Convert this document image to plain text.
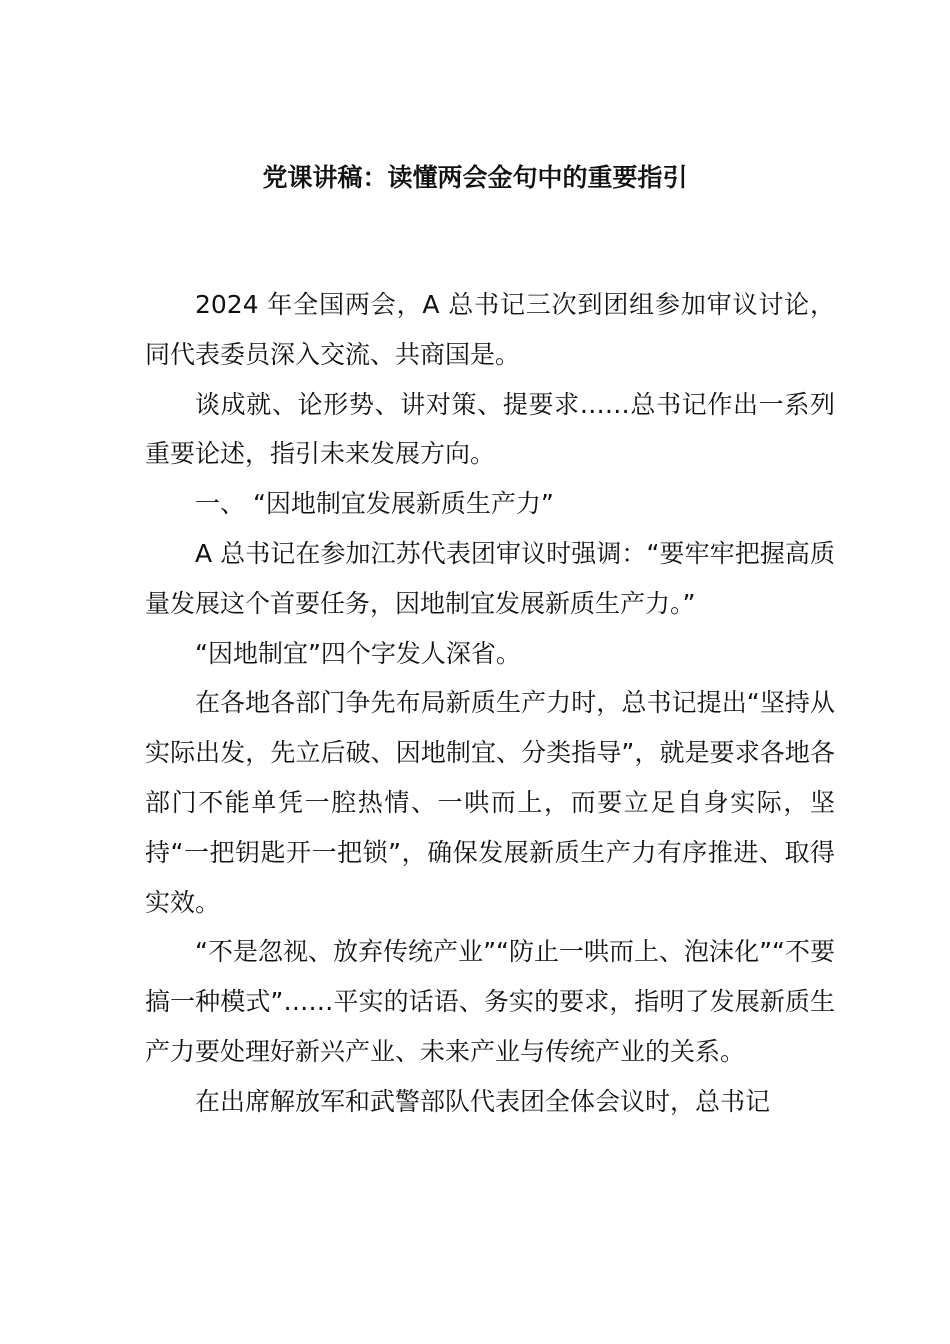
党课讲稿：读懂两会金句中的重要指引

2024 年全国两会，A 总书记三次到团组参加审议讨论，同代表委员深入交流、共商国是。

谈成就、论形势、讲对策、提要求……总书记作出一系列重要论述，指引未来发展方向。

一、 “因地制宜发展新质生产力”

A 总书记在参加江苏代表团审议时强调：“要牢牢把握高质量发展这个首要任务，因地制宜发展新质生产力。”

“因地制宜”四个字发人深省。

在各地各部门争先布局新质生产力时，总书记提出“坚持从实际出发，先立后破、因地制宜、分类指导”，就是要求各地各部门不能单凭一腔热情、一哄而上，而要立足自身实际，坚持“一把钥匙开一把锁”，确保发展新质生产力有序推进、取得实效。

“不是忽视、放弃传统产业”“防止一哄而上、泡沫化”“不要搞一种模式”……平实的话语、务实的要求，指明了发展新质生产力要处理好新兴产业、未来产业与传统产业的关系。

在出席解放军和武警部队代表团全体会议时，总书记
